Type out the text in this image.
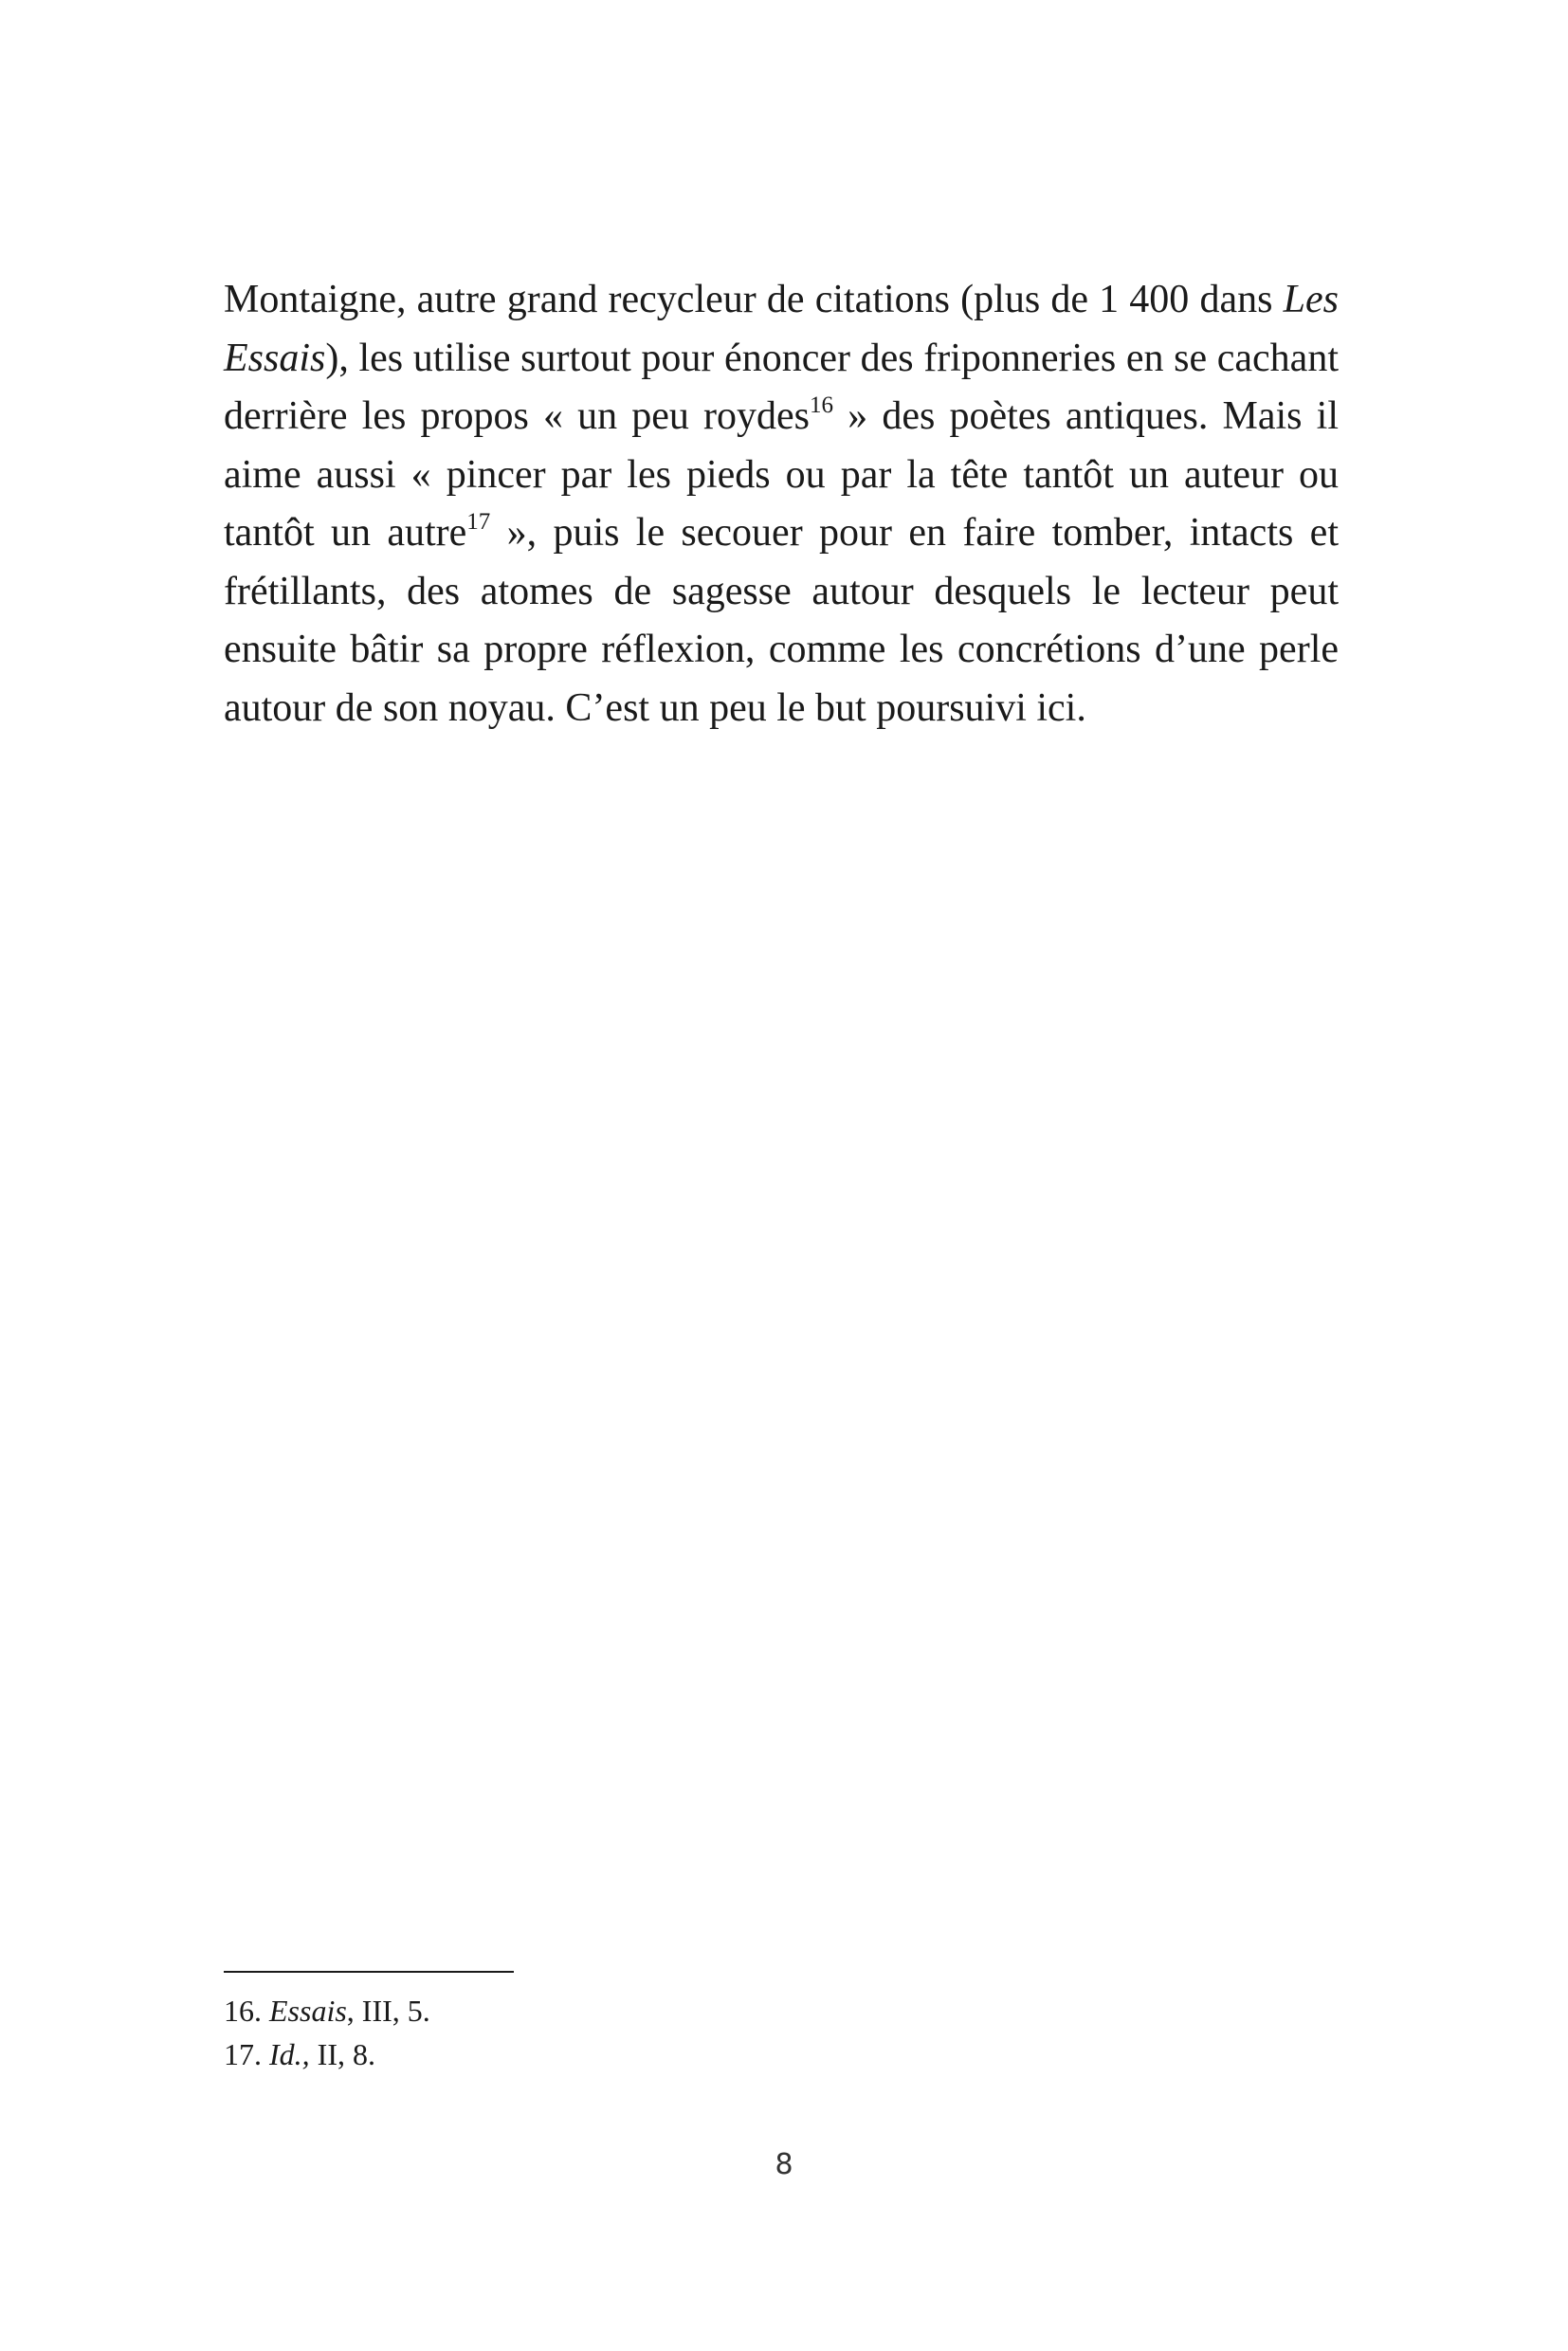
Montaigne, autre grand recycleur de citations (plus de 1 400 dans Les Essais), les utilise surtout pour énoncer des friponneries en se cachant derrière les propos « un peu roydes$^{16}$ » des poètes antiques. Mais il aime aussi « pincer par les pieds ou par la tête tantôt un auteur ou tantôt un autre$^{17}$ », puis le secouer pour en faire tomber, intacts et frétillants, des atomes de sagesse autour desquels le lecteur peut ensuite bâtir sa propre réflexion, comme les concrétions d’une perle autour de son noyau. C’est un peu le but poursuivi ici.

16. Essais, III, 5.

17. Id., II, 8.

8
